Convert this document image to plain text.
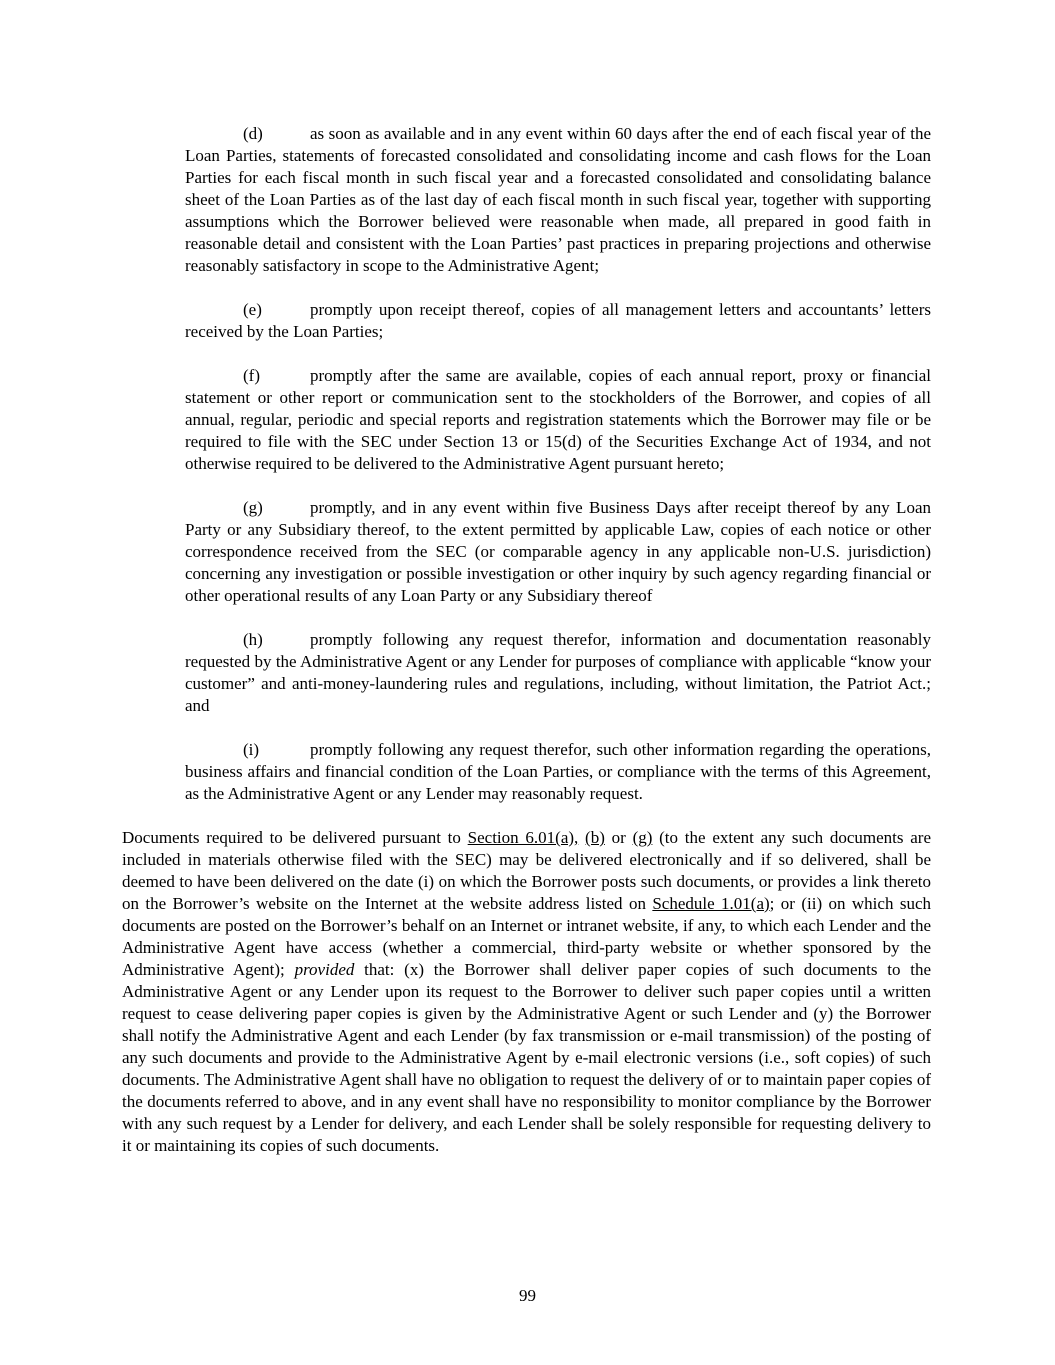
(d)	as soon as available and in any event within 60 days after the end of each fiscal year of the Loan Parties, statements of forecasted consolidated and consolidating income and cash flows for the Loan Parties for each fiscal month in such fiscal year and a forecasted consolidated and consolidating balance sheet of the Loan Parties as of the last day of each fiscal month in such fiscal year, together with supporting assumptions which the Borrower believed were reasonable when made, all prepared in good faith in reasonable detail and consistent with the Loan Parties’ past practices in preparing projections and otherwise reasonably satisfactory in scope to the Administrative Agent;

(e)	promptly upon receipt thereof, copies of all management letters and accountants’ letters received by the Loan Parties;

(f)	promptly after the same are available, copies of each annual report, proxy or financial statement or other report or communication sent to the stockholders of the Borrower, and copies of all annual, regular, periodic and special reports and registration statements which the Borrower may file or be required to file with the SEC under Section 13 or 15(d) of the Securities Exchange Act of 1934, and not otherwise required to be delivered to the Administrative Agent pursuant hereto;

(g)	promptly, and in any event within five Business Days after receipt thereof by any Loan Party or any Subsidiary thereof, to the extent permitted by applicable Law, copies of each notice or other correspondence received from the SEC (or comparable agency in any applicable non-U.S. jurisdiction) concerning any investigation or possible investigation or other inquiry by such agency regarding financial or other operational results of any Loan Party or any Subsidiary thereof

(h)	promptly following any request therefor, information and documentation reasonably requested by the Administrative Agent or any Lender for purposes of compliance with applicable “know your customer” and anti-money-laundering rules and regulations, including, without limitation, the Patriot Act.; and

(i)	promptly following any request therefor, such other information regarding the operations, business affairs and financial condition of the Loan Parties, or compliance with the terms of this Agreement, as the Administrative Agent or any Lender may reasonably request.

Documents required to be delivered pursuant to Section 6.01(a), (b) or (g) (to the extent any such documents are included in materials otherwise filed with the SEC) may be delivered electronically and if so delivered, shall be deemed to have been delivered on the date (i) on which the Borrower posts such documents, or provides a link thereto on the Borrower’s website on the Internet at the website address listed on Schedule 1.01(a); or (ii) on which such documents are posted on the Borrower’s behalf on an Internet or intranet website, if any, to which each Lender and the Administrative Agent have access (whether a commercial, third-party website or whether sponsored by the Administrative Agent); provided that: (x) the Borrower shall deliver paper copies of such documents to the Administrative Agent or any Lender upon its request to the Borrower to deliver such paper copies until a written request to cease delivering paper copies is given by the Administrative Agent or such Lender and (y) the Borrower shall notify the Administrative Agent and each Lender (by fax transmission or e-mail transmission) of the posting of any such documents and provide to the Administrative Agent by e-mail electronic versions (i.e., soft copies) of such documents. The Administrative Agent shall have no obligation to request the delivery of or to maintain paper copies of the documents referred to above, and in any event shall have no responsibility to monitor compliance by the Borrower with any such request by a Lender for delivery, and each Lender shall be solely responsible for requesting delivery to it or maintaining its copies of such documents.

99
